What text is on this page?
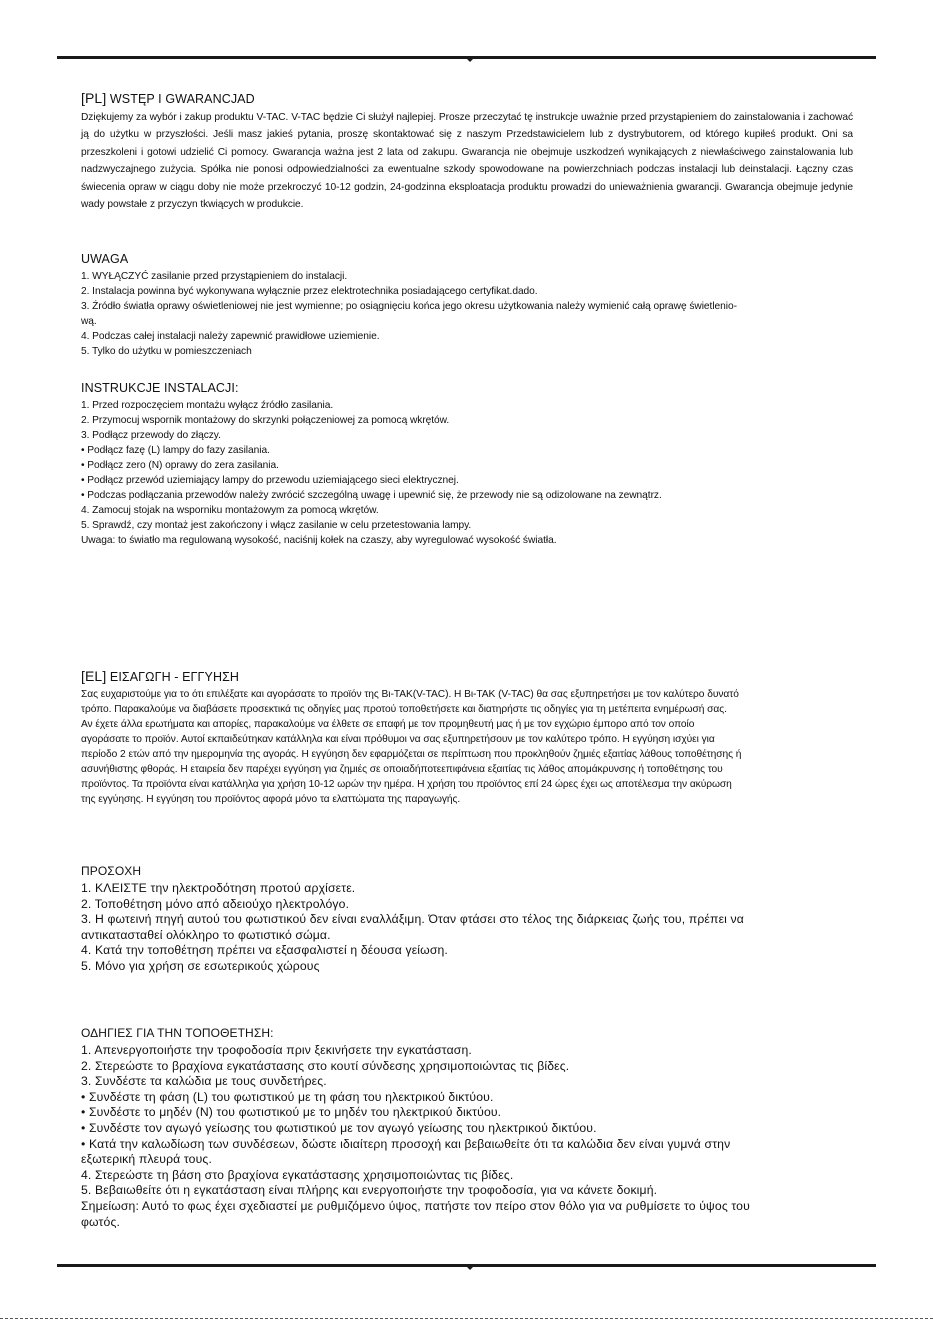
[PL] WSTĘP I GWARANCJAD

Dziękujemy za wybór i zakup produktu V-TAC. V-TAC będzie Ci służył najlepiej. Prosze przeczytać tę instrukcje uważnie przed przystąpieniem do zainstalowania i zachować ją do użytku w przyszłości. Jeśli masz jakieś pytania, proszę skontaktować się z naszym Przedstawicielem lub z dystrybutorem, od którego kupiłeś produkt. Oni sa przeszkoleni i gotowi udzielić Ci pomocy. Gwarancja ważna jest 2 lata od zakupu. Gwarancja nie obejmuje uszkodzeń wynikających z niewłaściwego zainstalowania lub nadzwyczajnego zużycia. Spółka nie ponosi odpowiedzialności za ewentualne szkody spowodowane na powierzchniach podczas instalacji lub deinstalacji. Łączny czas świecenia opraw w ciągu doby nie może przekroczyć 10-12 godzin, 24-godzinna eksploatacja produktu prowadzi do unieważnienia gwarancji. Gwarancja obejmuje jedynie wady powstałe z przyczyn tkwiących w produkcie.

UWAGA
1. WYŁĄCZYĆ zasilanie przed przystąpieniem do instalacji.
2. Instalacja powinna być wykonywana wyłącznie przez elektrotechnika posiadającego certyfikat.dado.
3. Źródło światła oprawy oświetleniowej nie jest wymienne; po osiągnięciu końca jego okresu użytkowania należy wymienić całą oprawę świetlenio-
wą.
4. Podczas całej instalacji należy zapewnić prawidłowe uziemienie.
5. Tylko do użytku w pomieszczeniach
INSTRUKCJE INSTALACJI:
1. Przed rozpoczęciem montażu wyłącz źródło zasilania.
2. Przymocuj wspornik montażowy do skrzynki połączeniowej za pomocą wkrętów.
3. Podłącz przewody do złączy.
• Podłącz fazę (L) lampy do fazy zasilania.
• Podłącz zero (N) oprawy do zera zasilania.
• Podłącz przewód uziemiający lampy do przewodu uziemiającego sieci elektrycznej.
• Podczas podłączania przewodów należy zwrócić szczególną uwagę i upewnić się, że przewody nie są odizolowane na zewnątrz.
4. Zamocuj stojak na wsporniku montażowym za pomocą wkrętów.
5. Sprawdź, czy montaż jest zakończony i włącz zasilanie w celu przetestowania lampy.
Uwaga: to światło ma regulowaną wysokość, naciśnij kołek na czaszy, aby wyregulować wysokość światła.
[EL] ΕΙΣΑΓΩΓΗ - ΕΓΓΥΗΣΗ
Σας ευχαριστούμε για το ότι επιλέξατε και αγοράσατε το προϊόν της Βι-ΤΑΚ(V-TAC). Η Βι-ΤΑΚ (V-TAC) θα σας εξυπηρετήσει με τον καλύτερο δυνατό
τρόπο. Παρακαλούμε να διαβάσετε προσεκτικά τις οδηγίες μας προτού τοποθετήσετε και διατηρήστε τις οδηγίες για τη μετέπειτα ενημέρωσή σας.
Αν έχετε άλλα ερωτήματα και απορίες, παρακαλούμε να έλθετε σε επαφή με τον προμηθευτή μας ή με τον εγχώριο έμπορο από τον οποίο
αγοράσατε το προϊόν. Αυτοί εκπαιδεύτηκαν κατάλληλα και είναι πρόθυμοι να σας εξυπηρετήσουν με τον καλύτερο τρόπο. Η εγγύηση ισχύει για
περίοδο 2 ετών από την ημερομηνία της αγοράς. Η εγγύηση δεν εφαρμόζεται σε περίπτωση που προκληθούν ζημιές εξαιτίας λάθους τοποθέτησης ή
ασυνήθιστης φθοράς. Η εταιρεία δεν παρέχει εγγύηση για ζημιές σε οποιαδήποτεεπιφάνεια εξαιτίας τις λάθος απομάκρυνσης ή τοποθέτησης του
προϊόντος. Τα προϊόντα είναι κατάλληλα για χρήση 10-12 ωρών την ημέρα. Η χρήση του προϊόντος επί 24 ώρες έχει ως αποτέλεσμα την ακύρωση
της εγγύησης. Η εγγύηση του προϊόντος αφορά μόνο τα ελαττώματα της παραγωγής.
ΠΡΟΣΟΧΗ
1. ΚΛΕΙΣΤΕ την ηλεκτροδότηση προτού αρχίσετε.
2. Τοποθέτηση μόνο από αδειούχο ηλεκτρολόγο.
3. Η φωτεινή πηγή αυτού του φωτιστικού δεν είναι εναλλάξιμη. Όταν φτάσει στο τέλος της διάρκειας ζωής του, πρέπει να
αντικατασταθεί ολόκληρο το φωτιστικό σώμα.
4. Κατά την τοποθέτηση πρέπει να εξασφαλιστεί η δέουσα γείωση.
5. Μόνο για χρήση σε εσωτερικούς χώρους
ΟΔΗΓΙΕΣ ΓΙΑ ΤΗΝ ΤΟΠΟΘΕΤΗΣΗ:
1. Απενεργοποιήστε την τροφοδοσία πριν ξεκινήσετε την εγκατάσταση.
2. Στερεώστε το βραχίονα εγκατάστασης στο κουτί σύνδεσης χρησιμοποιώντας τις βίδες.
3. Συνδέστε τα καλώδια με τους συνδετήρες.
• Συνδέστε τη φάση (L) του φωτιστικού με τη φάση του ηλεκτρικού δικτύου.
• Συνδέστε το μηδέν (N) του φωτιστικού με το μηδέν του ηλεκτρικού δικτύου.
• Συνδέστε τον αγωγό γείωσης του φωτιστικού με τον αγωγό γείωσης του ηλεκτρικού δικτύου.
• Κατά την καλωδίωση των συνδέσεων, δώστε ιδιαίτερη προσοχή και βεβαιωθείτε ότι τα καλώδια δεν είναι γυμνά στην
εξωτερική πλευρά τους.
4. Στερεώστε τη βάση στο βραχίονα εγκατάστασης χρησιμοποιώντας τις βίδες.
5. Βεβαιωθείτε ότι η εγκατάσταση είναι πλήρης και ενεργοποιήστε την τροφοδοσία, για να κάνετε δοκιμή.
Σημείωση: Αυτό το φως έχει σχεδιαστεί με ρυθμιζόμενο ύψος, πατήστε τον πείρο στον θόλο για να ρυθμίσετε το ύψος του
φωτός.
